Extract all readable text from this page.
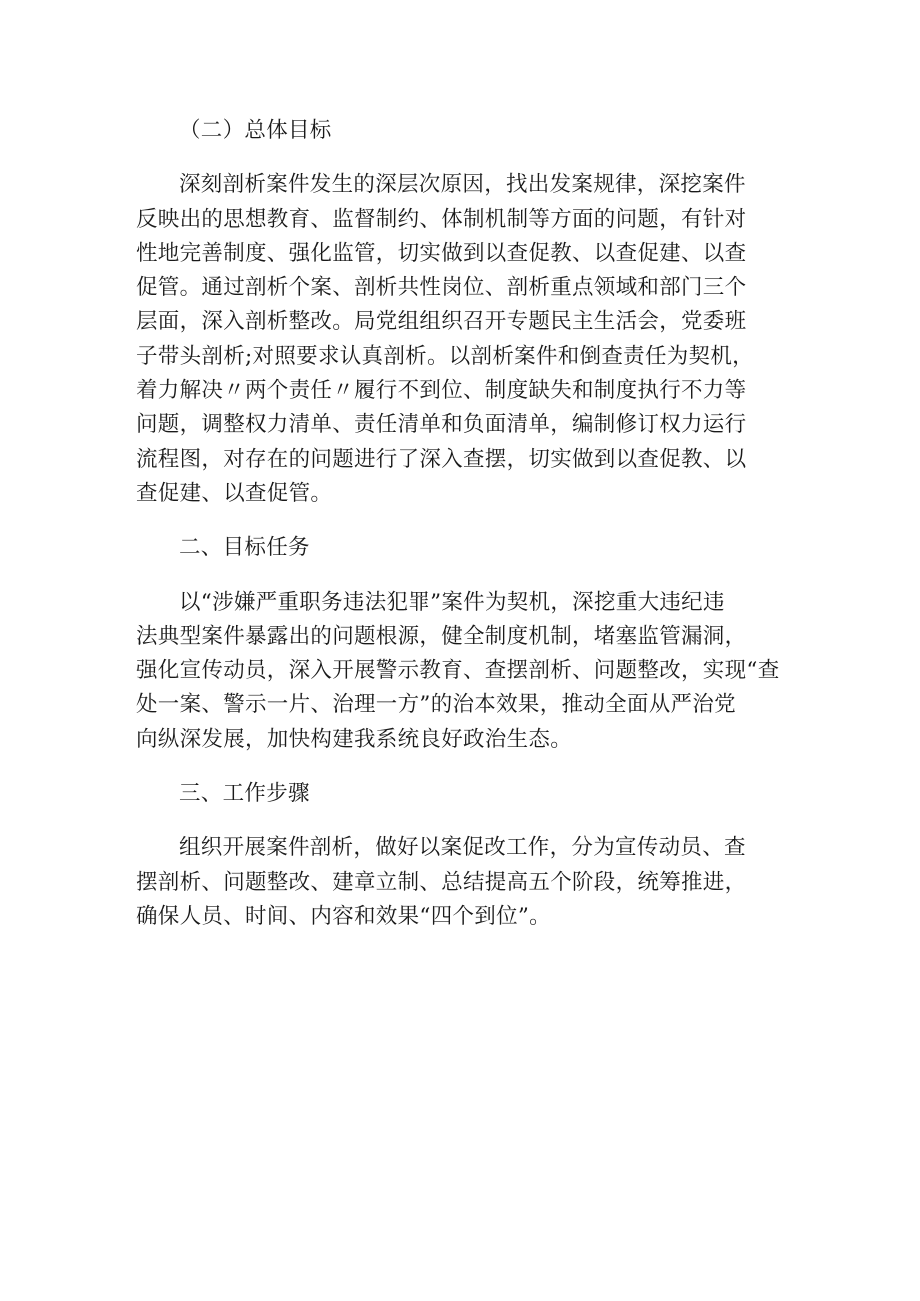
（二）总体目标

深刻剖析案件发生的深层次原因，找出发案规律，深挖案件
反映出的思想教育、监督制约、体制机制等方面的问题，有针对
性地完善制度、强化监管，切实做到以查促教、以查促建、以查
促管。通过剖析个案、剖析共性岗位、剖析重点领域和部门三个
层面，深入剖析整改。局党组组织召开专题民主生活会，党委班
子带头剖析;对照要求认真剖析。以剖析案件和倒查责任为契机，
着力解决〃两个责任〃履行不到位、制度缺失和制度执行不力等
问题，调整权力清单、责任清单和负面清单，编制修订权力运行
流程图，对存在的问题进行了深入查摆，切实做到以查促教、以
查促建、以查促管。

二、目标任务

以“涉嫌严重职务违法犯罪”案件为契机，深挖重大违纪违
法典型案件暴露出的问题根源，健全制度机制，堵塞监管漏洞，
强化宣传动员，深入开展警示教育、查摆剖析、问题整改，实现“查
处一案、警示一片、治理一方”的治本效果，推动全面从严治党
向纵深发展，加快构建我系统良好政治生态。

三、工作步骤

组织开展案件剖析，做好以案促改工作，分为宣传动员、查
摆剖析、问题整改、建章立制、总结提高五个阶段，统筹推进，
确保人员、时间、内容和效果“四个到位”。
